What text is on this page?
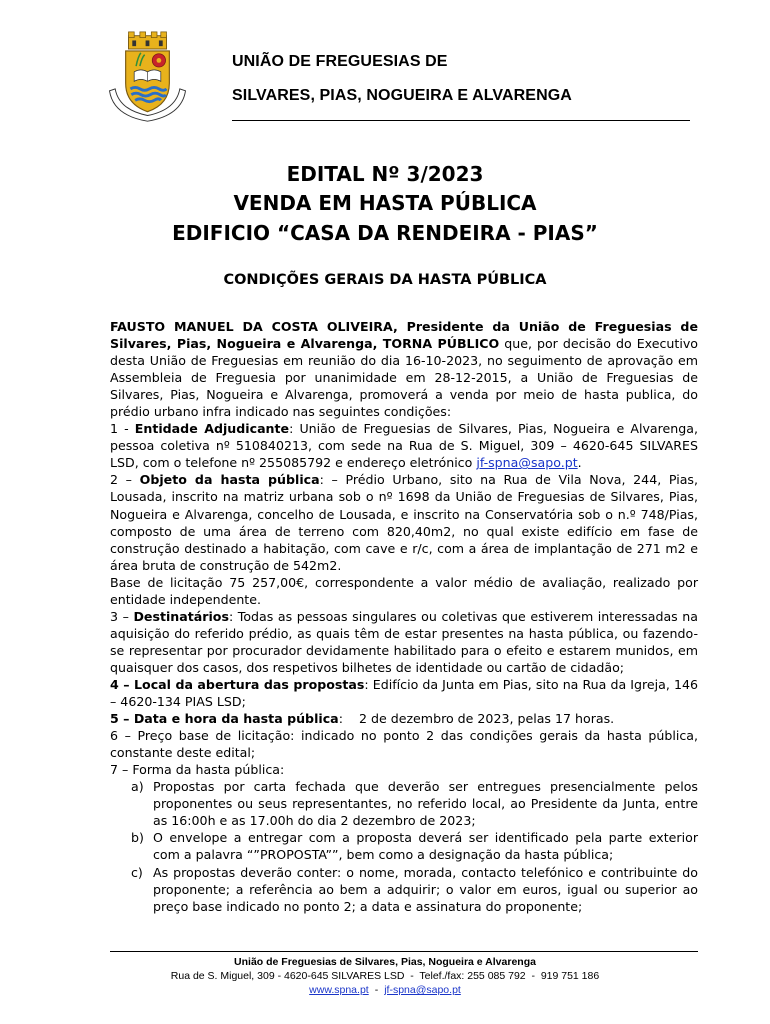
UNIÃO DE FREGUESIAS DE
SILVARES, PIAS, NOGUEIRA E ALVARENGA
EDITAL Nº 3/2023
VENDA EM HASTA PÚBLICA
EDIFICIO “CASA DA RENDEIRA - PIAS”
CONDIÇÕES GERAIS DA HASTA PÚBLICA

FAUSTO MANUEL DA COSTA OLIVEIRA, Presidente da União de Freguesias de Silvares, Pias, Nogueira e Alvarenga, TORNA PÚBLICO que, por decisão do Executivo desta União de Freguesias em reunião do dia 16-10-2023, no seguimento de aprovação em Assembleia de Freguesia por unanimidade em 28-12-2015, a União de Freguesias de Silvares, Pias, Nogueira e Alvarenga, promoverá a venda por meio de hasta publica, do prédio urbano infra indicado nas seguintes condições:

1 - Entidade Adjudicante: União de Freguesias de Silvares, Pias, Nogueira e Alvarenga, pessoa coletiva nº 510840213, com sede na Rua de S. Miguel, 309 – 4620-645 SILVARES LSD, com o telefone nº 255085792 e endereço eletrónico jf-spna@sapo.pt.

2 – Objeto da hasta pública: – Prédio Urbano, sito na Rua de Vila Nova, 244, Pias, Lousada, inscrito na matriz urbana sob o nº 1698 da União de Freguesias de Silvares, Pias, Nogueira e Alvarenga, concelho de Lousada, e inscrito na Conservatória sob o n.º 748/Pias, composto de uma área de terreno com 820,40m2, no qual existe edifício em fase de construção destinado a habitação, com cave e r/c, com a área de implantação de 271 m2 e área bruta de construção de 542m2.

Base de licitação 75 257,00€, correspondente a valor médio de avaliação, realizado por entidade independente.

3 – Destinatários: Todas as pessoas singulares ou coletivas que estiverem interessadas na aquisição do referido prédio, as quais têm de estar presentes na hasta pública, ou fazendo-se representar por procurador devidamente habilitado para o efeito e estarem munidos, em quaisquer dos casos, dos respetivos bilhetes de identidade ou cartão de cidadão;

4 – Local da abertura das propostas: Edifício da Junta em Pias, sito na Rua da Igreja, 146 – 4620-134 PIAS LSD;

5 – Data e hora da hasta pública:    2 de dezembro de 2023, pelas 17 horas.

6 – Preço base de licitação: indicado no ponto 2 das condições gerais da hasta pública, constante deste edital;

7 – Forma da hasta pública:

a) Propostas por carta fechada que deverão ser entregues presencialmente pelos proponentes ou seus representantes, no referido local, ao Presidente da Junta, entre as 16:00h e as 17.00h do dia 2 dezembro de 2023;
b) O envelope a entregar com a proposta deverá ser identificado pela parte exterior com a palavra “”PROPOSTA””, bem como a designação da hasta pública;
c) As propostas deverão conter: o nome, morada, contacto telefónico e contribuinte do proponente; a referência ao bem a adquirir; o valor em euros, igual ou superior ao preço base indicado no ponto 2; a data e assinatura do proponente;
União de Freguesias de Silvares, Pias, Nogueira e Alvarenga
Rua de S. Miguel, 309 - 4620-645 SILVARES LSD  -  Telef./fax: 255 085 792  -  919 751 186
www.spna.pt - jf-spna@sapo.pt
